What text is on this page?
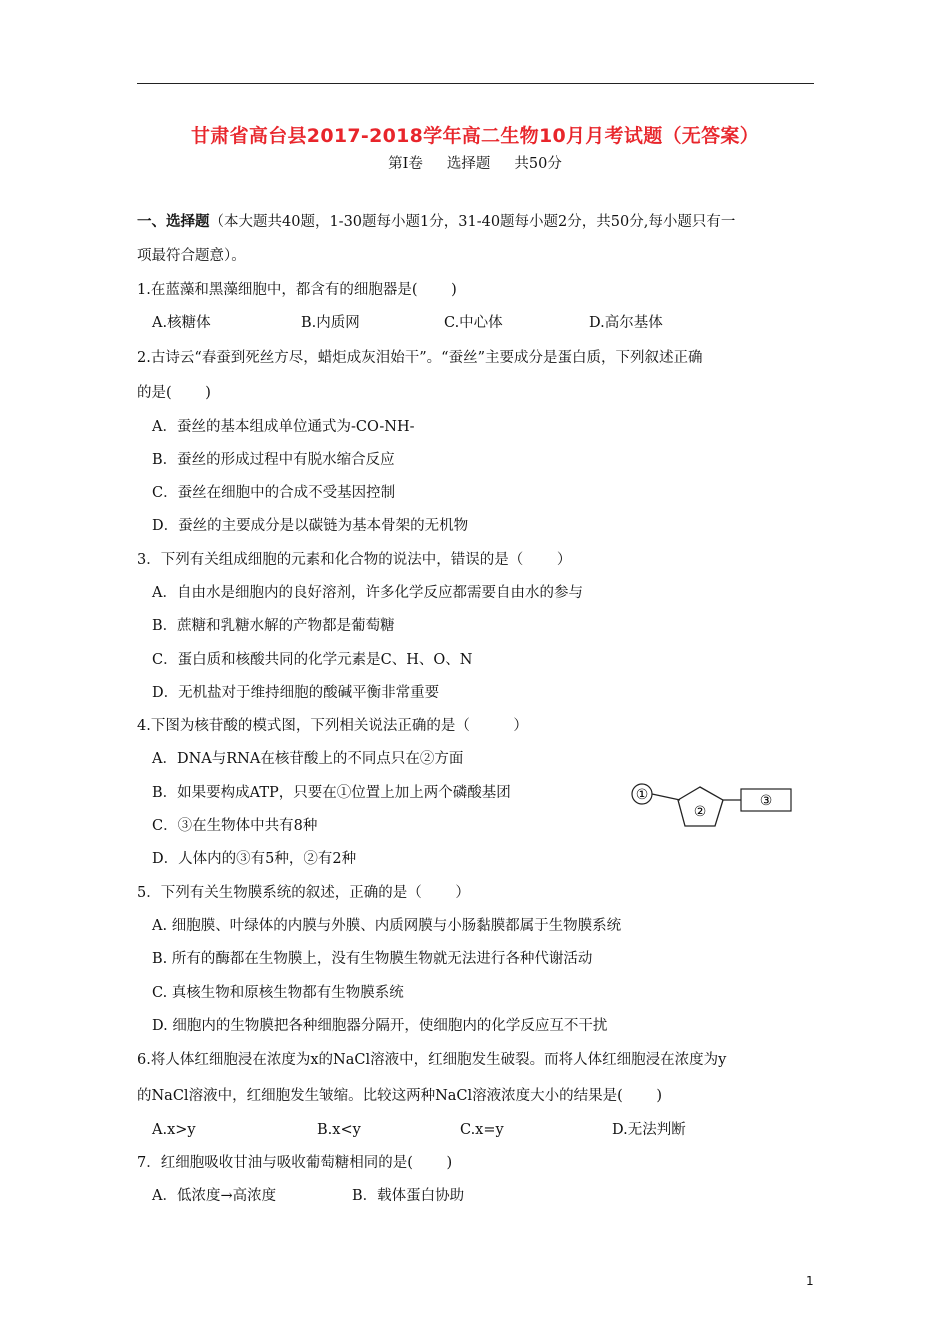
甘肃省高台县2017-2018学年高二生物10月月考试题（无答案）
第Ⅰ卷 选择题 共50分
一、选择题（本大题共40题，1-30题每小题1分，31-40题每小题2分，共50分,每小题只有一
项最符合题意）。
1.在蓝藻和黑藻细胞中，都含有的细胞器是(　　 )
A.核糖体	B.内质网	C.中心体	D.高尔基体
2.古诗云“春蚕到死丝方尽，蜡炬成灰泪始干”。“蚕丝”主要成分是蛋白质，下列叙述正确
的是(　　 )
A．蚕丝的基本组成单位通式为-CO-NH-
B．蚕丝的形成过程中有脱水缩合反应
C．蚕丝在细胞中的合成不受基因控制
D．蚕丝的主要成分是以碳链为基本骨架的无机物
3．下列有关组成细胞的元素和化合物的说法中，错误的是（　　 ）
A．自由水是细胞内的良好溶剂，许多化学反应都需要自由水的参与
B．蔗糖和乳糖水解的产物都是葡萄糖
C．蛋白质和核酸共同的化学元素是C、H、O、N
D．无机盐对于维持细胞的酸碱平衡非常重要
4.下图为核苷酸的模式图，下列相关说法正确的是（　　　）
A．DNA与RNA在核苷酸上的不同点只在②方面
B．如果要构成ATP，只要在①位置上加上两个磷酸基团
C．③在生物体中共有8种
D．人体内的③有5种，②有2种
①
②
③
5．下列有关生物膜系统的叙述，正确的是（　　 ）
A. 细胞膜、叶绿体的内膜与外膜、内质网膜与小肠黏膜都属于生物膜系统
B. 所有的酶都在生物膜上，没有生物膜生物就无法进行各种代谢活动
C. 真核生物和原核生物都有生物膜系统
D. 细胞内的生物膜把各种细胞器分隔开，使细胞内的化学反应互不干扰
6.将人体红细胞浸在浓度为x的NaCl溶液中，红细胞发生破裂。而将人体红细胞浸在浓度为y
的NaCl溶液中，红细胞发生皱缩。比较这两种NaCl溶液浓度大小的结果是(　　 )
A.x>y	B.x<y	C.x=y	D.无法判断
7．红细胞吸收甘油与吸收葡萄糖相同的是(　　 )
A．低浓度→高浓度	B．载体蛋白协助
1
